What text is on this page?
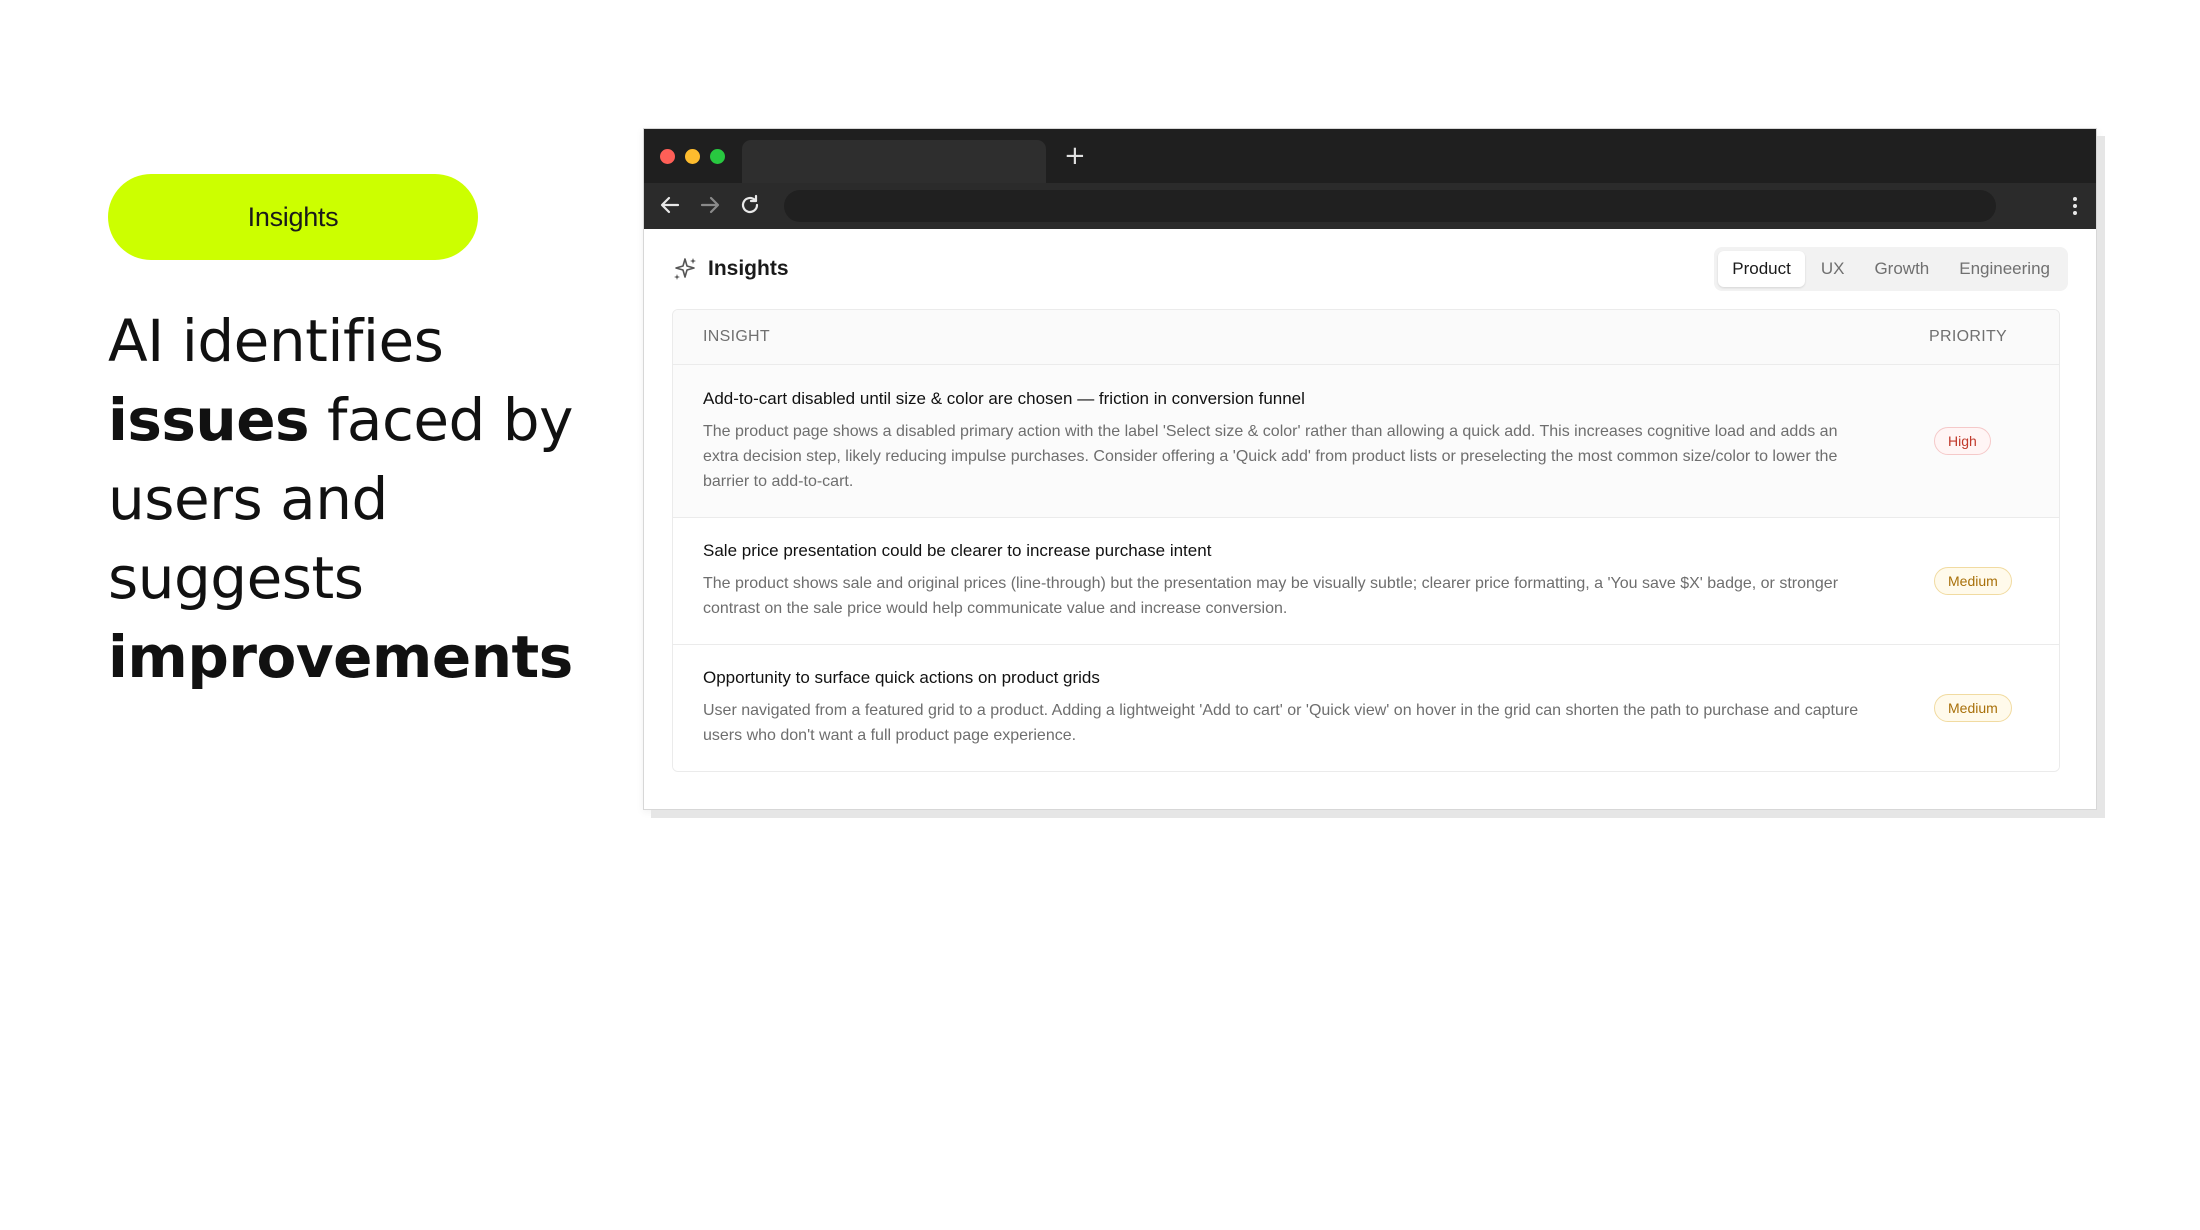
Insights
AI identifies
issues faced by
users and
suggests
improvements
+
Insights	Product	UX	Growth	Engineering
INSIGHT	PRIORITY
Add-to-cart disabled until size & color are chosen — friction in conversion funnel
The product page shows a disabled primary action with the label 'Select size & color' rather than allowing a quick add. This increases cognitive load and adds an extra decision step, likely reducing impulse purchases. Consider offering a 'Quick add' from product lists or preselecting the most common size/color to lower the barrier to add-to-cart.
High
Sale price presentation could be clearer to increase purchase intent
The product shows sale and original prices (line-through) but the presentation may be visually subtle; clearer price formatting, a 'You save $X' badge, or stronger contrast on the sale price would help communicate value and increase conversion.
Medium
Opportunity to surface quick actions on product grids
User navigated from a featured grid to a product. Adding a lightweight 'Add to cart' or 'Quick view' on hover in the grid can shorten the path to purchase and capture users who don't want a full product page experience.
Medium
